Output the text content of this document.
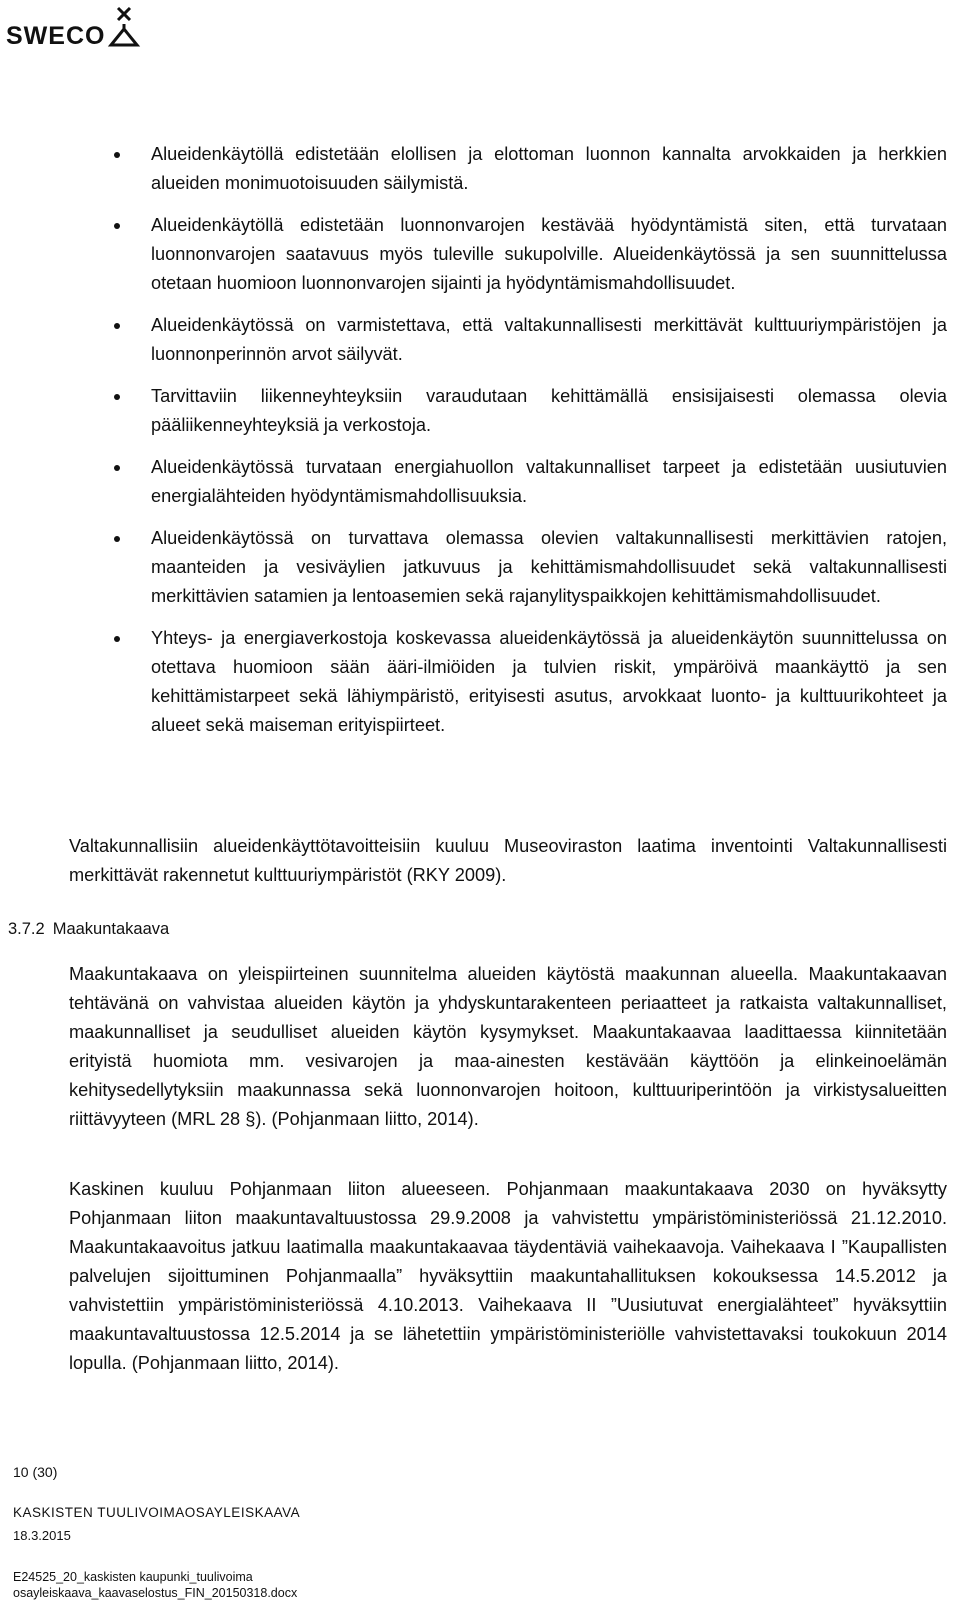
SWECO

Alueidenkäytöllä edistetään elollisen ja elottoman luonnon kannalta arvokkaiden ja herkkien alueiden monimuotoisuuden säilymistä.

Alueidenkäytöllä edistetään luonnonvarojen kestävää hyödyntämistä siten, että turvataan luonnonvarojen saatavuus myös tuleville sukupolville. Alueidenkäytössä ja sen suunnittelussa otetaan huomioon luonnonvarojen sijainti ja hyödyntämismahdollisuudet.

Alueidenkäytössä on varmistettava, että valtakunnallisesti merkittävät kulttuuriympäristöjen ja luonnonperinnön arvot säilyvät.

Tarvittaviin liikenneyhteyksiin varaudutaan kehittämällä ensisijaisesti olemassa olevia pääliikenneyhteyksiä ja verkostoja.

Alueidenkäytössä turvataan energiahuollon valtakunnalliset tarpeet ja edistetään uusiutuvien energialähteiden hyödyntämismahdollisuuksia.

Alueidenkäytössä on turvattava olemassa olevien valtakunnallisesti merkittävien ratojen, maanteiden ja vesiväylien jatkuvuus ja kehittämismahdollisuudet sekä valtakunnallisesti merkittävien satamien ja lentoasemien sekä rajanylityspaikkojen kehittämismahdollisuudet.

Yhteys- ja energiaverkostoja koskevassa alueidenkäytössä ja alueidenkäytön suunnittelussa on otettava huomioon sään ääri-ilmiöiden ja tulvien riskit, ympäröivä maankäyttö ja sen kehittämistarpeet sekä lähiympäristö, erityisesti asutus, arvokkaat luonto- ja kulttuurikohteet ja alueet sekä maiseman erityispiirteet.

Valtakunnallisiin alueidenkäyttötavoitteisiin kuuluu Museoviraston laatima inventointi Valtakunnallisesti merkittävät rakennetut kulttuuriympäristöt (RKY 2009).

3.7.2 Maakuntakaava

Maakuntakaava on yleispiirteinen suunnitelma alueiden käytöstä maakunnan alueella. Maakuntakaavan tehtävänä on vahvistaa alueiden käytön ja yhdyskuntarakenteen periaatteet ja ratkaista valtakunnalliset, maakunnalliset ja seudulliset alueiden käytön kysymykset. Maakuntakaavaa laadittaessa kiinnitetään erityistä huomiota mm. vesivarojen ja maa-ainesten kestävään käyttöön ja elinkeinoelämän kehitysedellytyksiin maakunnassa sekä luonnonvarojen hoitoon, kulttuuriperintöön ja virkistysalueitten riittävyyteen (MRL 28 §). (Pohjanmaan liitto, 2014).

Kaskinen kuuluu Pohjanmaan liiton alueeseen. Pohjanmaan maakuntakaava 2030 on hyväksytty Pohjanmaan liiton maakuntavaltuustossa 29.9.2008 ja vahvistettu ympäristöministeriössä 21.12.2010. Maakuntakaavoitus jatkuu laatimalla maakuntakaavaa täydentäviä vaihekaavoja. Vaihekaava I ”Kaupallisten palvelujen sijoittuminen Pohjanmaalla” hyväksyttiin maakuntahallituksen kokouksessa 14.5.2012 ja vahvistettiin ympäristöministeriössä 4.10.2013. Vaihekaava II ”Uusiutuvat energialähteet” hyväksyttiin maakuntavaltuustossa 12.5.2014 ja se lähetettiin ympäristöministeriölle vahvistettavaksi toukokuun 2014 lopulla. (Pohjanmaan liitto, 2014).

10 (30)
KASKISTEN TUULIVOIMAOSAYLEISKAAVA
18.3.2015
E24525_20_kaskisten kaupunki_tuulivoima
osayleiskaava_kaavaselostus_FIN_20150318.docx
